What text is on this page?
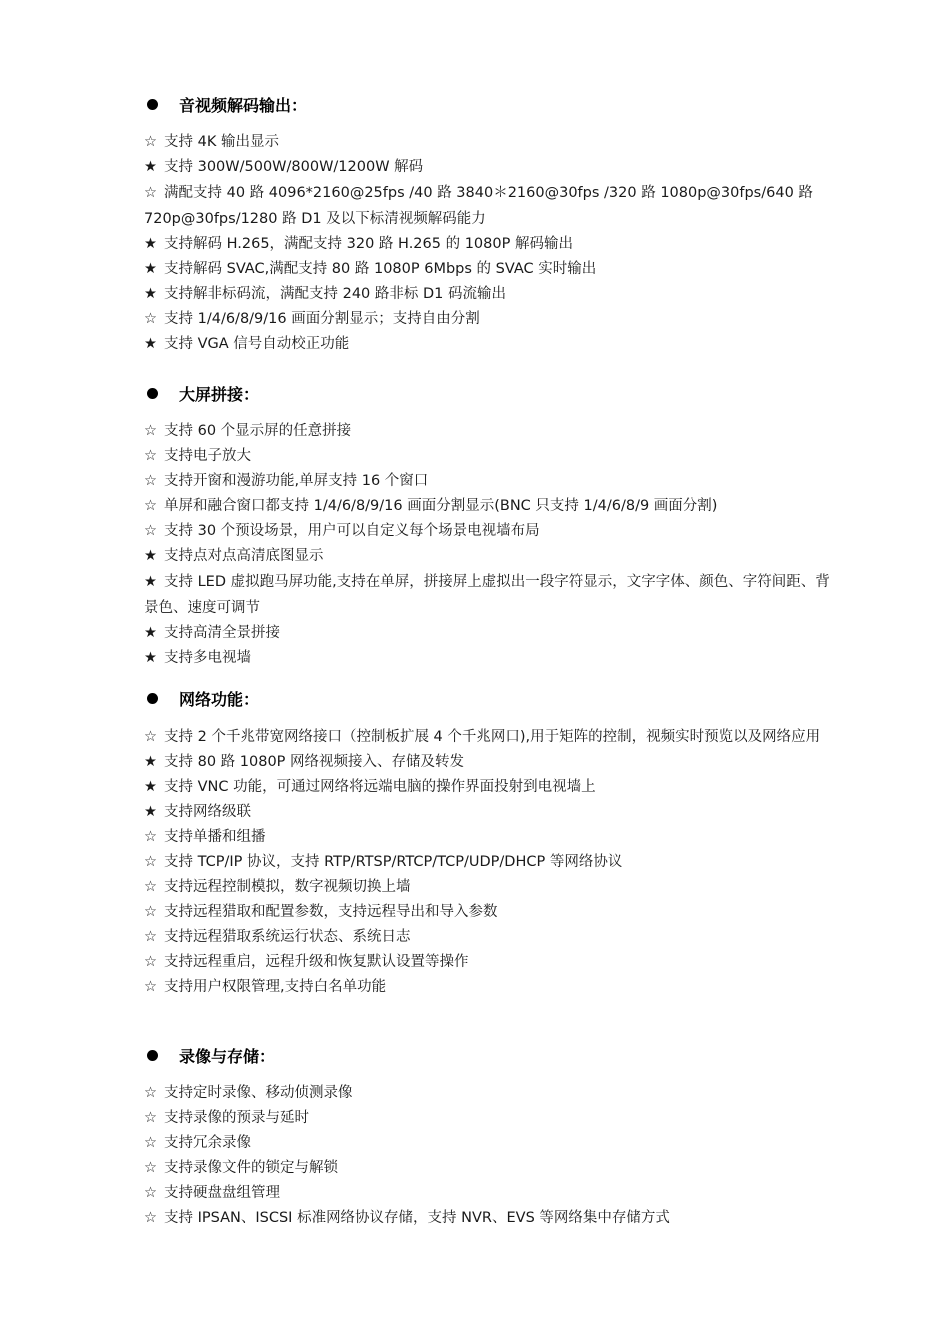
音视频解码输出：
☆ 支持 4K 输出显示
★ 支持 300W/500W/800W/1200W 解码
☆ 满配支持 40 路 4096*2160@25fps /40 路 3840＊2160@30fps /320 路 1080p@30fps/640 路 720p@30fps/1280 路 D1 及以下标清视频解码能力
★ 支持解码 H.265，满配支持 320 路 H.265 的 1080P 解码输出
★ 支持解码 SVAC,满配支持 80 路 1080P 6Mbps 的 SVAC 实时输出
★ 支持解非标码流，满配支持 240 路非标 D1 码流输出
☆ 支持 1/4/6/8/9/16 画面分割显示；支持自由分割
★ 支持 VGA 信号自动校正功能
大屏拼接：
☆ 支持 60 个显示屏的任意拼接
☆ 支持电子放大
☆ 支持开窗和漫游功能,单屏支持 16 个窗口
☆ 单屏和融合窗口都支持 1/4/6/8/9/16 画面分割显示(BNC 只支持 1/4/6/8/9 画面分割)
☆ 支持 30 个预设场景，用户可以自定义每个场景电视墙布局
★ 支持点对点高清底图显示
★ 支持 LED 虚拟跑马屏功能,支持在单屏，拼接屏上虚拟出一段字符显示，文字字体、颜色、字符间距、背景色、速度可调节
★ 支持高清全景拼接
★ 支持多电视墙
网络功能：
☆ 支持 2 个千兆带宽网络接口（控制板扩展 4 个千兆网口),用于矩阵的控制，视频实时预览以及网络应用
★ 支持 80 路 1080P 网络视频接入、存储及转发
★ 支持 VNC 功能，可通过网络将远端电脑的操作界面投射到电视墙上
★ 支持网络级联
☆ 支持单播和组播
☆ 支持 TCP/IP 协议，支持 RTP/RTSP/RTCP/TCP/UDP/DHCP 等网络协议
☆ 支持远程控制模拟，数字视频切换上墙
☆ 支持远程猎取和配置参数，支持远程导出和导入参数
☆ 支持远程猎取系统运行状态、系统日志
☆ 支持远程重启，远程升级和恢复默认设置等操作
☆ 支持用户权限管理,支持白名单功能
录像与存储：
☆ 支持定时录像、移动侦测录像
☆ 支持录像的预录与延时
☆ 支持冗余录像
☆ 支持录像文件的锁定与解锁
☆ 支持硬盘盘组管理
☆ 支持 IPSAN、ISCSI 标准网络协议存储，支持 NVR、EVS 等网络集中存储方式
